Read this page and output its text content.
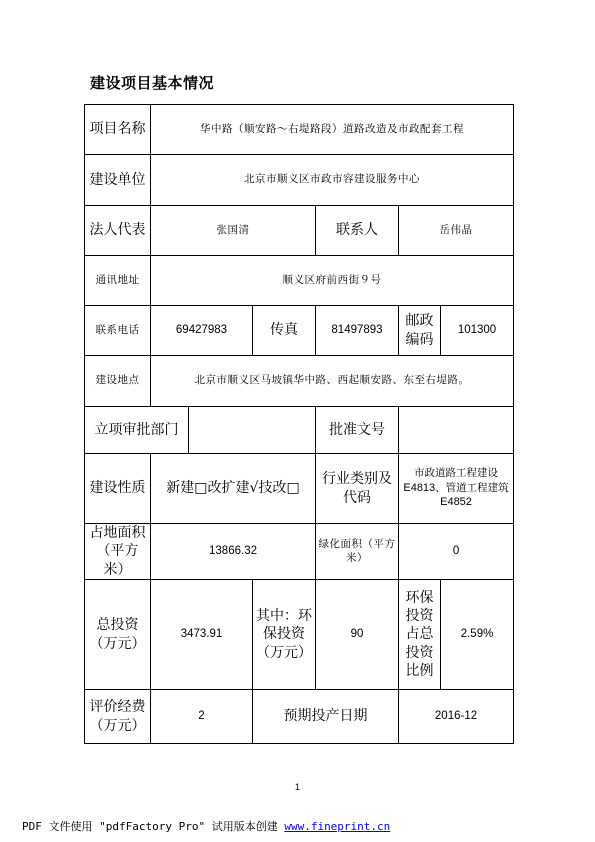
建设项目基本情况
项目名称	华中路（顺安路～右堤路段）道路改造及市政配套工程					
建设单位	北京市顺义区市政市容建设服务中心					
法人代表	张国清			联系人	岳伟晶	
通讯地址	顺义区府前西街９号					
联系电话	69427983		传真	81497893	邮政编码	101300
建设地点	北京市顺义区马坡镇华中路、西起顺安路、东至右堤路。					
立项审批部门				批准文号		
建设性质	新建□改扩建√技改□			行业类别及代码	市政道路工程建设
E4813、管道工程建筑 E4852	
占地面积（平方米）	13866.32			绿化面积（平方米）	0	
总投资（万元）	3473.91		其中：环保投资（万元）	90	环保投资占总投资比例	2.59%
评价经费（万元）	2		预期投产日期		2016-12	
1
PDF 文件使用 "pdfFactory Pro" 试用版本创建 www.fineprint.cn
